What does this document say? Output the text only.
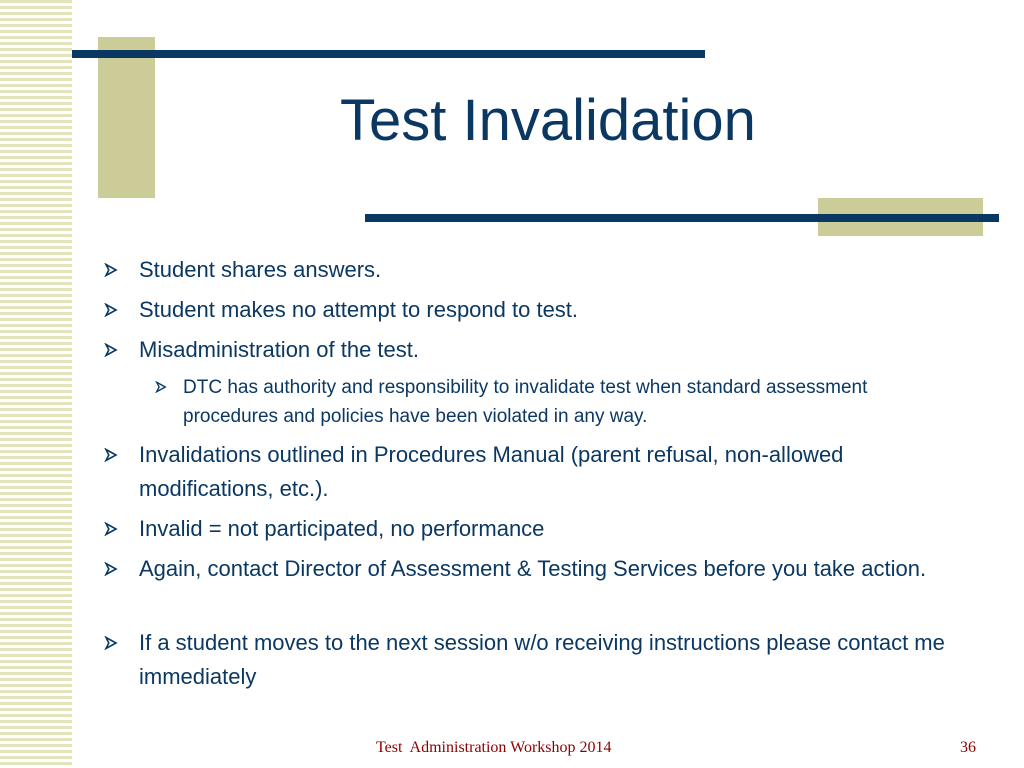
Test Invalidation
Student shares answers.
Student makes no attempt to respond to test.
Misadministration of the test.
DTC has authority and responsibility to invalidate test when standard assessment procedures and policies have been violated in any way.
Invalidations outlined in Procedures Manual (parent refusal, non-allowed modifications, etc.).
Invalid = not participated, no performance
Again, contact Director of Assessment & Testing Services before you take action.
If a student moves to the next session w/o receiving instructions please contact me immediately
Test  Administration Workshop 2014	36
